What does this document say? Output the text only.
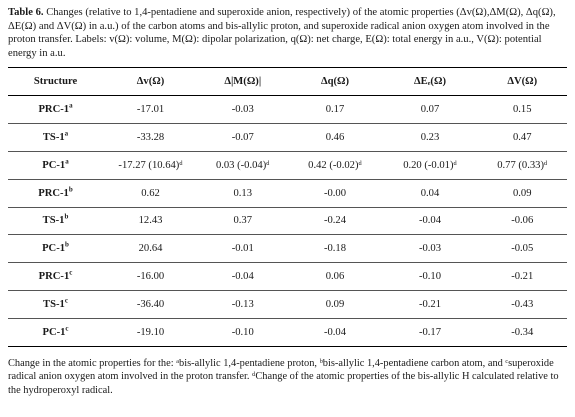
Table 6. Changes (relative to 1,4-pentadiene and superoxide anion, respectively) of the atomic properties (Δv(Ω),ΔM(Ω), Δq(Ω), ΔE(Ω) and ΔV(Ω) in a.u.) of the carbon atoms and bis-allylic proton, and superoxide radical anion oxygen atom involved in the proton transfer. Labels: v(Ω): volume, M(Ω): dipolar polarization, q(Ω): net charge, E(Ω): total energy in a.u., V(Ω): potential energy in a.u.

Structure	Δv(Ω)	Δ|M(Ω)|	Δq(Ω)	ΔEₑ(Ω)	ΔV(Ω)
PRC-1$^a$	-17.01	-0.03	0.17	0.07	0.15
TS-1$^a$	-33.28	-0.07	0.46	0.23	0.47
PC-1$^a$	-17.27 (10.64)ᵈ	0.03 (-0.04)ᵈ	0.42 (-0.02)ᵈ	0.20 (-0.01)ᵈ	0.77 (0.33)ᵈ
PRC-1$^b$	0.62	0.13	-0.00	0.04	0.09
TS-1$^b$	12.43	0.37	-0.24	-0.04	-0.06
PC-1$^b$	20.64	-0.01	-0.18	-0.03	-0.05
PRC-1$^c$	-16.00	-0.04	0.06	-0.10	-0.21
TS-1$^c$	-36.40	-0.13	0.09	-0.21	-0.43
PC-1$^c$	-19.10	-0.10	-0.04	-0.17	-0.34

Change in the atomic properties for the: ᵃbis-allylic 1,4-pentadiene proton, ᵇbis-allylic 1,4-pentadiene carbon atom, and ᶜsuperoxide radical anion oxygen atom involved in the proton transfer. ᵈChange of the atomic properties of the bis-allylic H calculated relative to the hydroperoxyl radical.
